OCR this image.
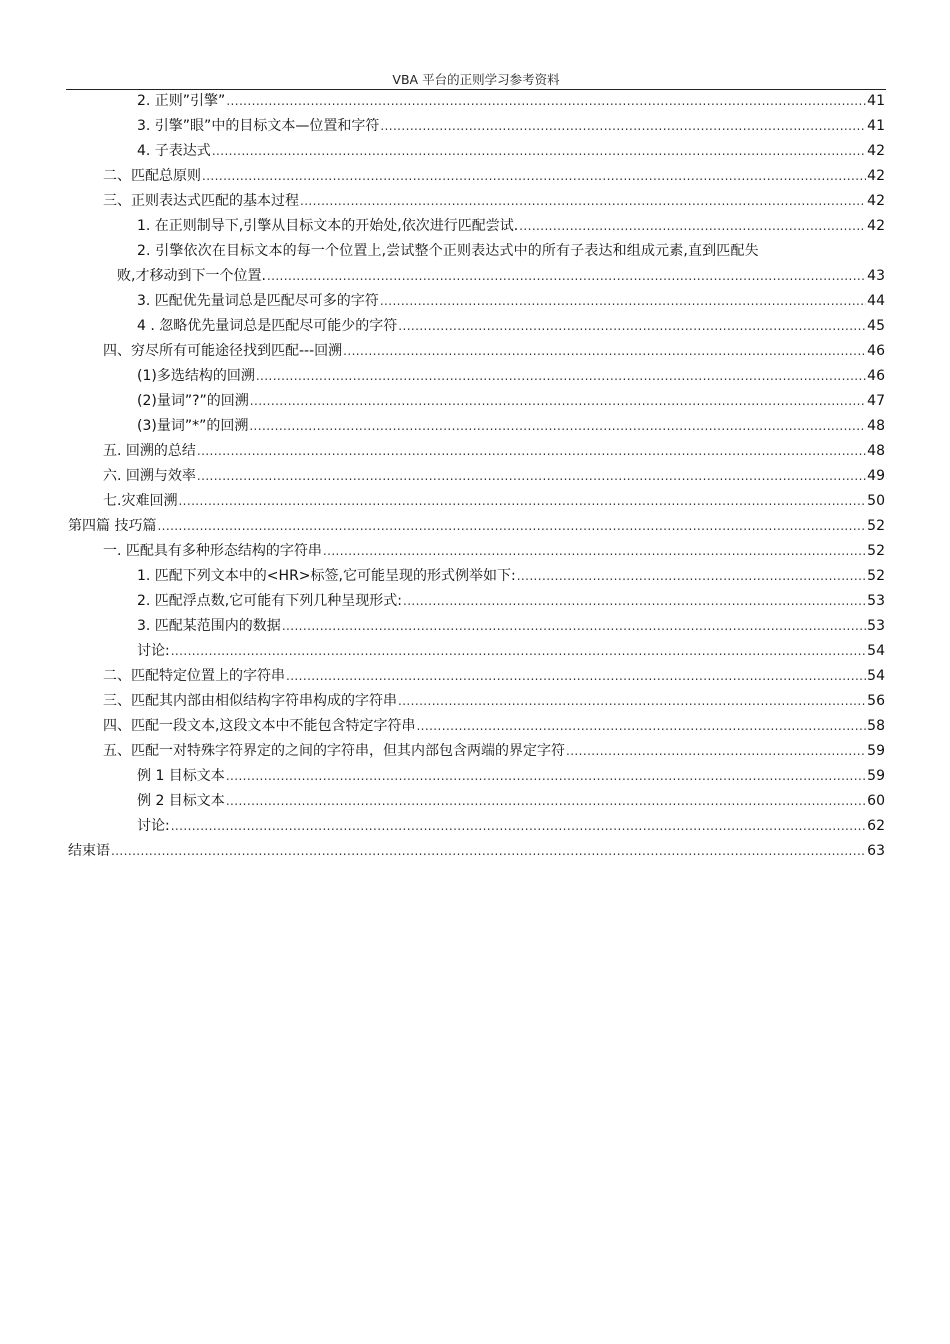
VBA 平台的正则学习参考资料
2. 正则”引擎” .....	41
3. 引擎”眼”中的目标文本—位置和字符 .....	41
4. 子表达式 .....	42
二、匹配总原则 .....	42
三、正则表达式匹配的基本过程 .....	42
1. 在正则制导下,引擎从目标文本的开始处,依次进行匹配尝试. .....	42
2. 引擎依次在目标文本的每一个位置上,尝试整个正则表达式中的所有子表达和组成元素,直到匹配失
败,才移动到下一个位置. .....	43
3. 匹配优先量词总是匹配尽可多的字符 .....	44
4 . 忽略优先量词总是匹配尽可能少的字符 .....	45
四、穷尽所有可能途径找到匹配---回溯 .....	46
(1)多选结构的回溯 .....	46
(2)量词”?”的回溯 .....	47
(3)量词”*”的回溯 .....	48
五. 回溯的总结 .....	48
六. 回溯与效率 .....	49
七.灾难回溯 .....	50
第四篇 技巧篇 .....	52
一. 匹配具有多种形态结构的字符串 .....	52
1. 匹配下列文本中的<HR>标签,它可能呈现的形式例举如下: .....	52
2. 匹配浮点数,它可能有下列几种呈现形式: .....	53
3. 匹配某范围内的数据 .....	53
讨论: .....	54
二、匹配特定位置上的字符串 .....	54
三、匹配其内部由相似结构字符串构成的字符串 .....	56
四、匹配一段文本,这段文本中不能包含特定字符串 .....	58
五、匹配一对特殊字符界定的之间的字符串，但其内部包含两端的界定字符 .....	59
例 1 目标文本 .....	59
例 2 目标文本 .....	60
讨论: .....	62
结束语 .....	63
